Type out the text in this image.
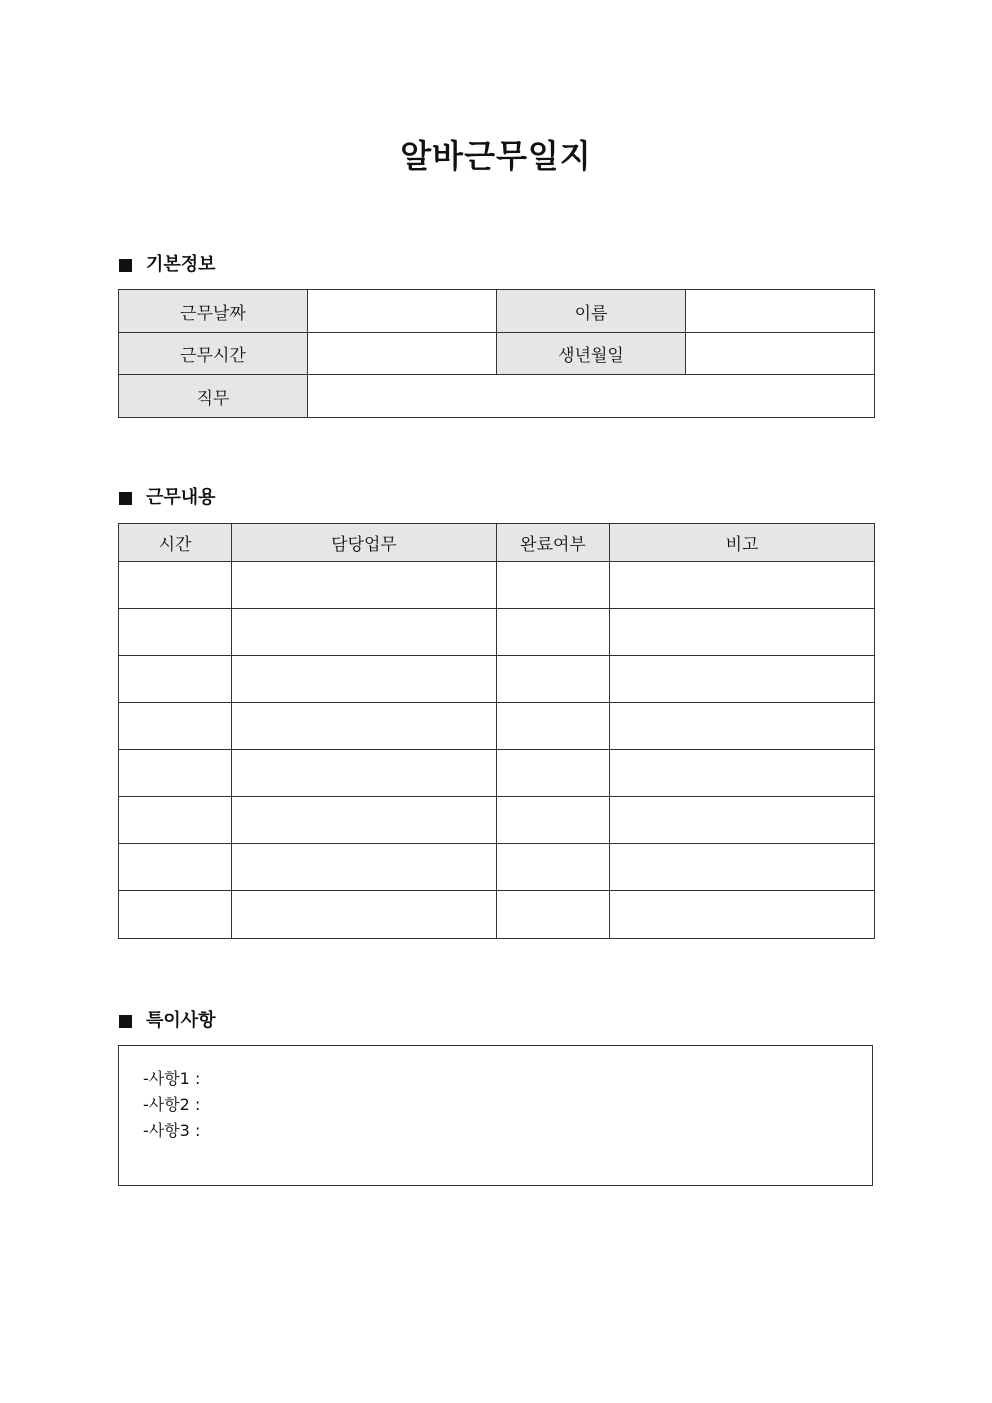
알바근무일지
기본정보
근무날짜		이름	
근무시간		생년월일	
직무			
근무내용
시간	담당업무	완료여부	비고

특이사항
-사항1 :
-사항2 :
-사항3 :
